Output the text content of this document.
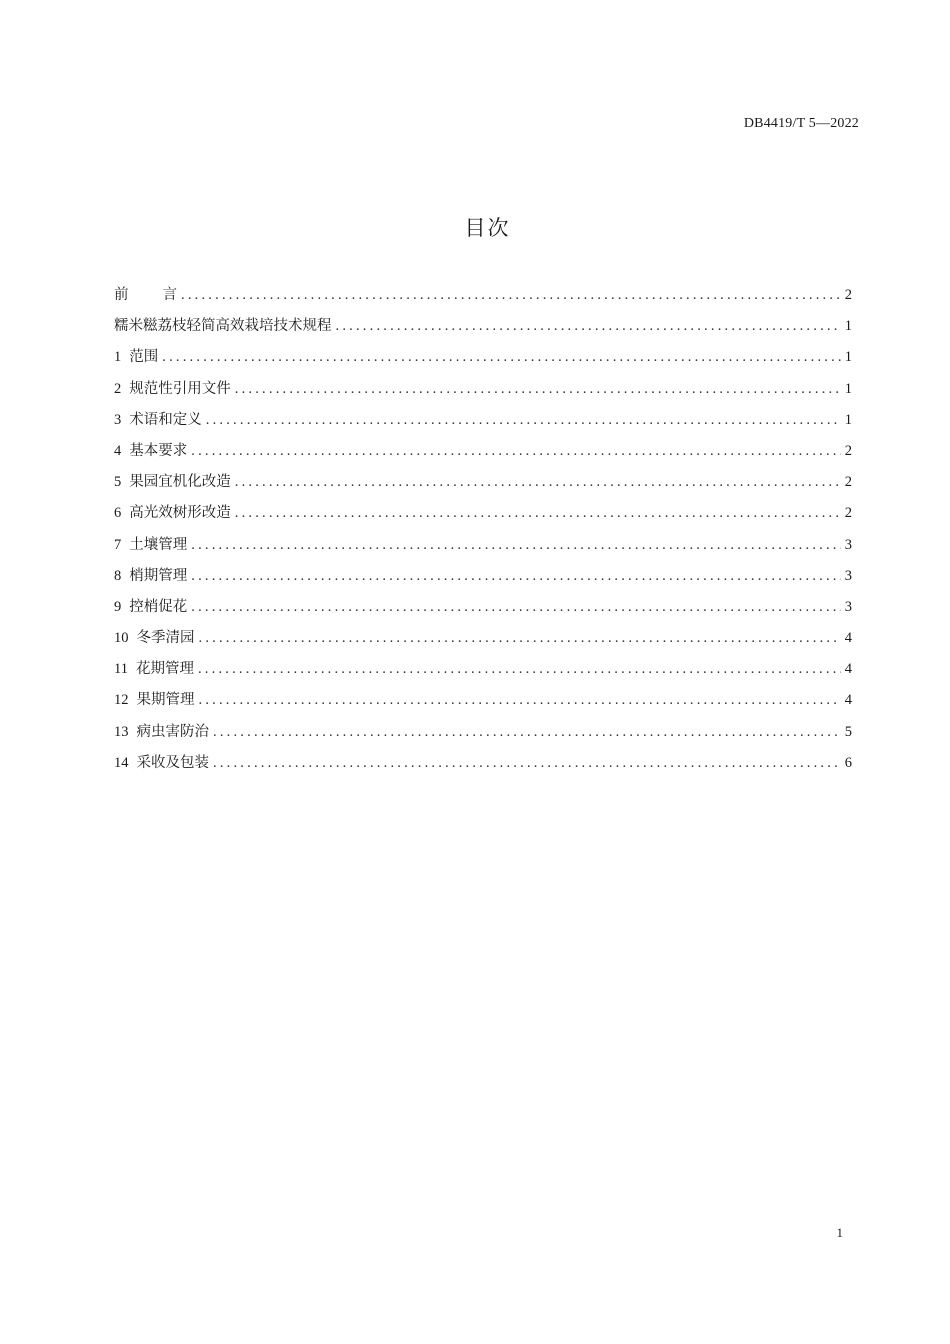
DB4419/T 5—2022
目次
前 言 .....	2
糯米糍荔枝轻简高效栽培技术规程 .....	1
1 范围 .....	1
2 规范性引用文件 .....	1
3 术语和定义 .....	1
4 基本要求 .....	2
5 果园宜机化改造 .....	2
6 高光效树形改造 .....	2
7 土壤管理 .....	3
8 梢期管理 .....	3
9 控梢促花 .....	3
10 冬季清园 .....	4
11 花期管理 .....	4
12 果期管理 .....	4
13 病虫害防治 .....	5
14 采收及包装 .....	6
1
